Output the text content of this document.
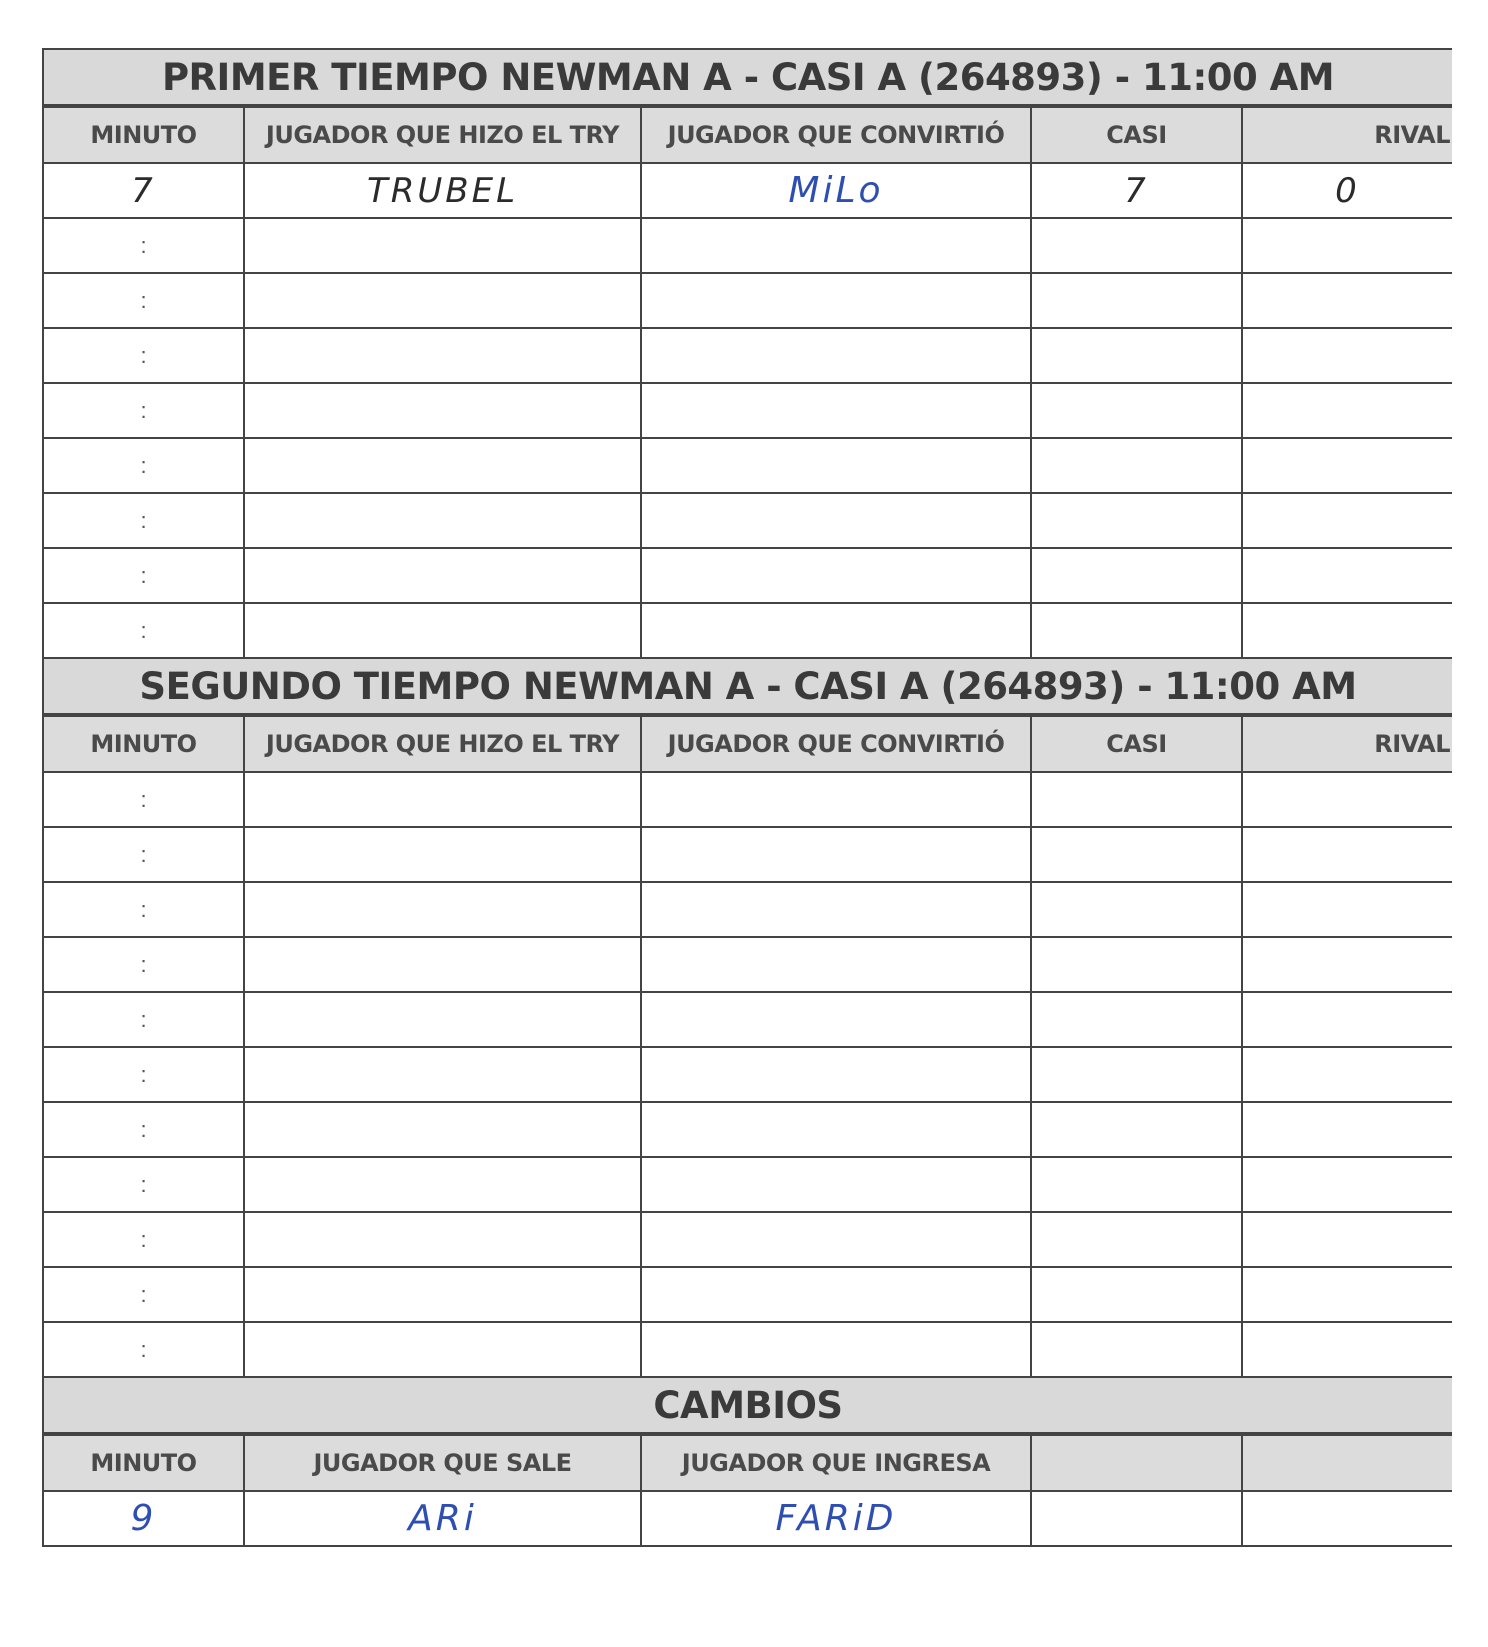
PRIMER TIEMPO NEWMAN A - CASI A (264893) - 11:00 AM
MINUTO	JUGADOR QUE HIZO EL TRY	JUGADOR QUE CONVIRTIÓ	CASI	RIVAL
7	TRUBEL	MiLo	7	0
:				
:				
:				
:				
:				
:				
:				
:				
SEGUNDO TIEMPO NEWMAN A - CASI A (264893) - 11:00 AM
MINUTO	JUGADOR QUE HIZO EL TRY	JUGADOR QUE CONVIRTIÓ	CASI	RIVAL
:				
:				
:				
:				
:				
:				
:				
:				
:				
:				
:				
CAMBIOS
MINUTO	JUGADOR QUE SALE	JUGADOR QUE INGRESA		
9	ARi	FARiD		
